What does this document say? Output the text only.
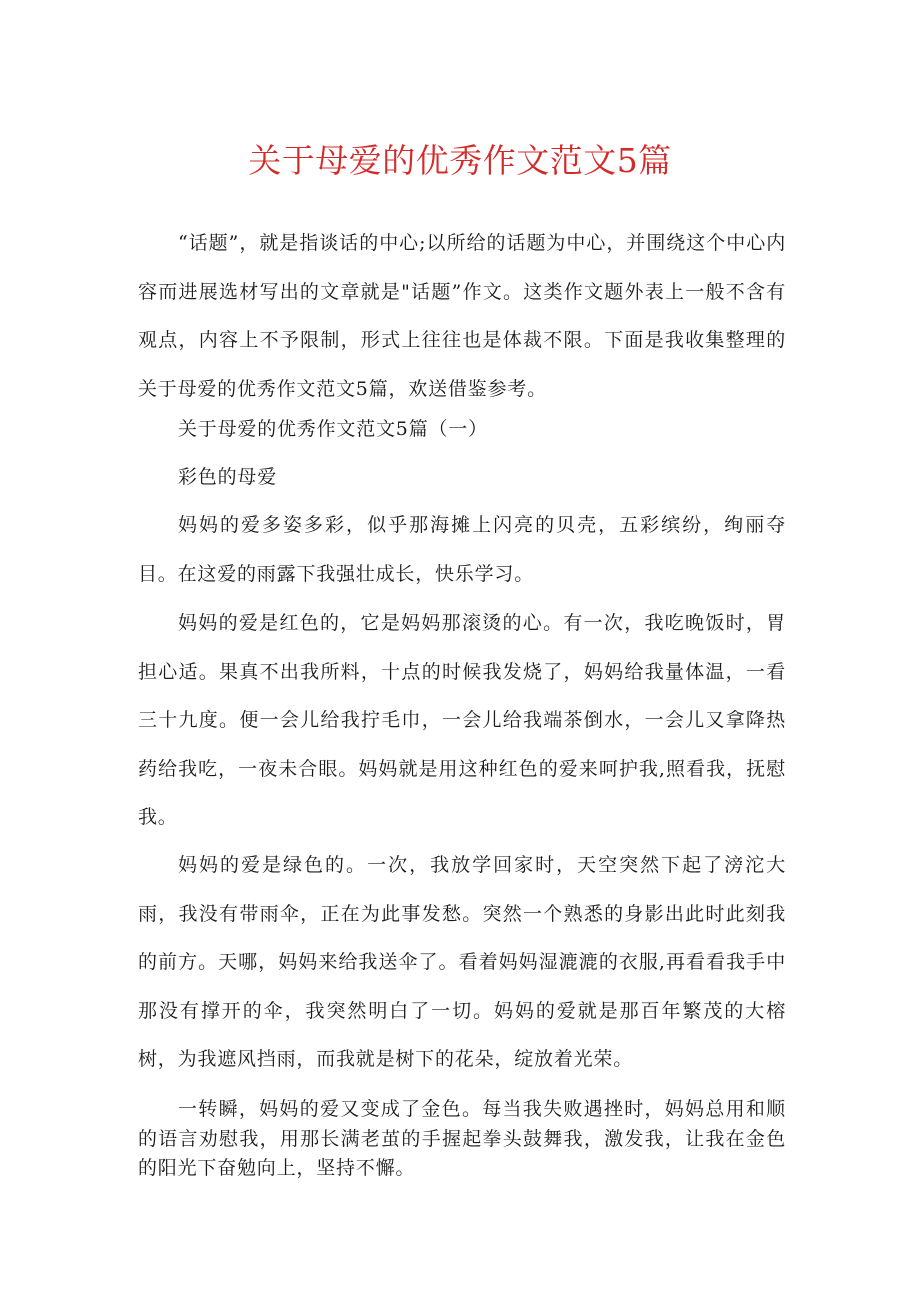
关于母爱的优秀作文范文5篇

“话题”，就是指谈话的中心;以所给的话题为中心，并围绕这个中心内容而进展选材写出的文章就是"话题”作文。这类作文题外表上一般不含有观点，内容上不予限制，形式上往往也是体裁不限。下面是我收集整理的关于母爱的优秀作文范文5篇，欢送借鉴参考。

关于母爱的优秀作文范文5篇（一）

彩色的母爱

妈妈的爱多姿多彩，似乎那海摊上闪亮的贝壳，五彩缤纷，绚丽夺目。在这爱的雨露下我强壮成长，快乐学习。

妈妈的爱是红色的，它是妈妈那滚烫的心。有一次，我吃晚饭时，胃担心适。果真不出我所料，十点的时候我发烧了，妈妈给我量体温，一看三十九度。便一会儿给我拧毛巾，一会儿给我端茶倒水，一会儿又拿降热药给我吃，一夜未合眼。妈妈就是用这种红色的爱来呵护我,照看我，抚慰我。

妈妈的爱是绿色的。一次，我放学回家时，天空突然下起了滂沱大雨，我没有带雨伞，正在为此事发愁。突然一个熟悉的身影出此时此刻我的前方。天哪，妈妈来给我送伞了。看着妈妈湿漉漉的衣服,再看看我手中那没有撑开的伞，我突然明白了一切。妈妈的爱就是那百年繁茂的大榕树，为我遮风挡雨，而我就是树下的花朵，绽放着光荣。

一转瞬，妈妈的爱又变成了金色。每当我失败遇挫时，妈妈总用和顺的语言劝慰我，用那长满老茧的手握起拳头鼓舞我，激发我，让我在金色的阳光下奋勉向上，坚持不懈。
